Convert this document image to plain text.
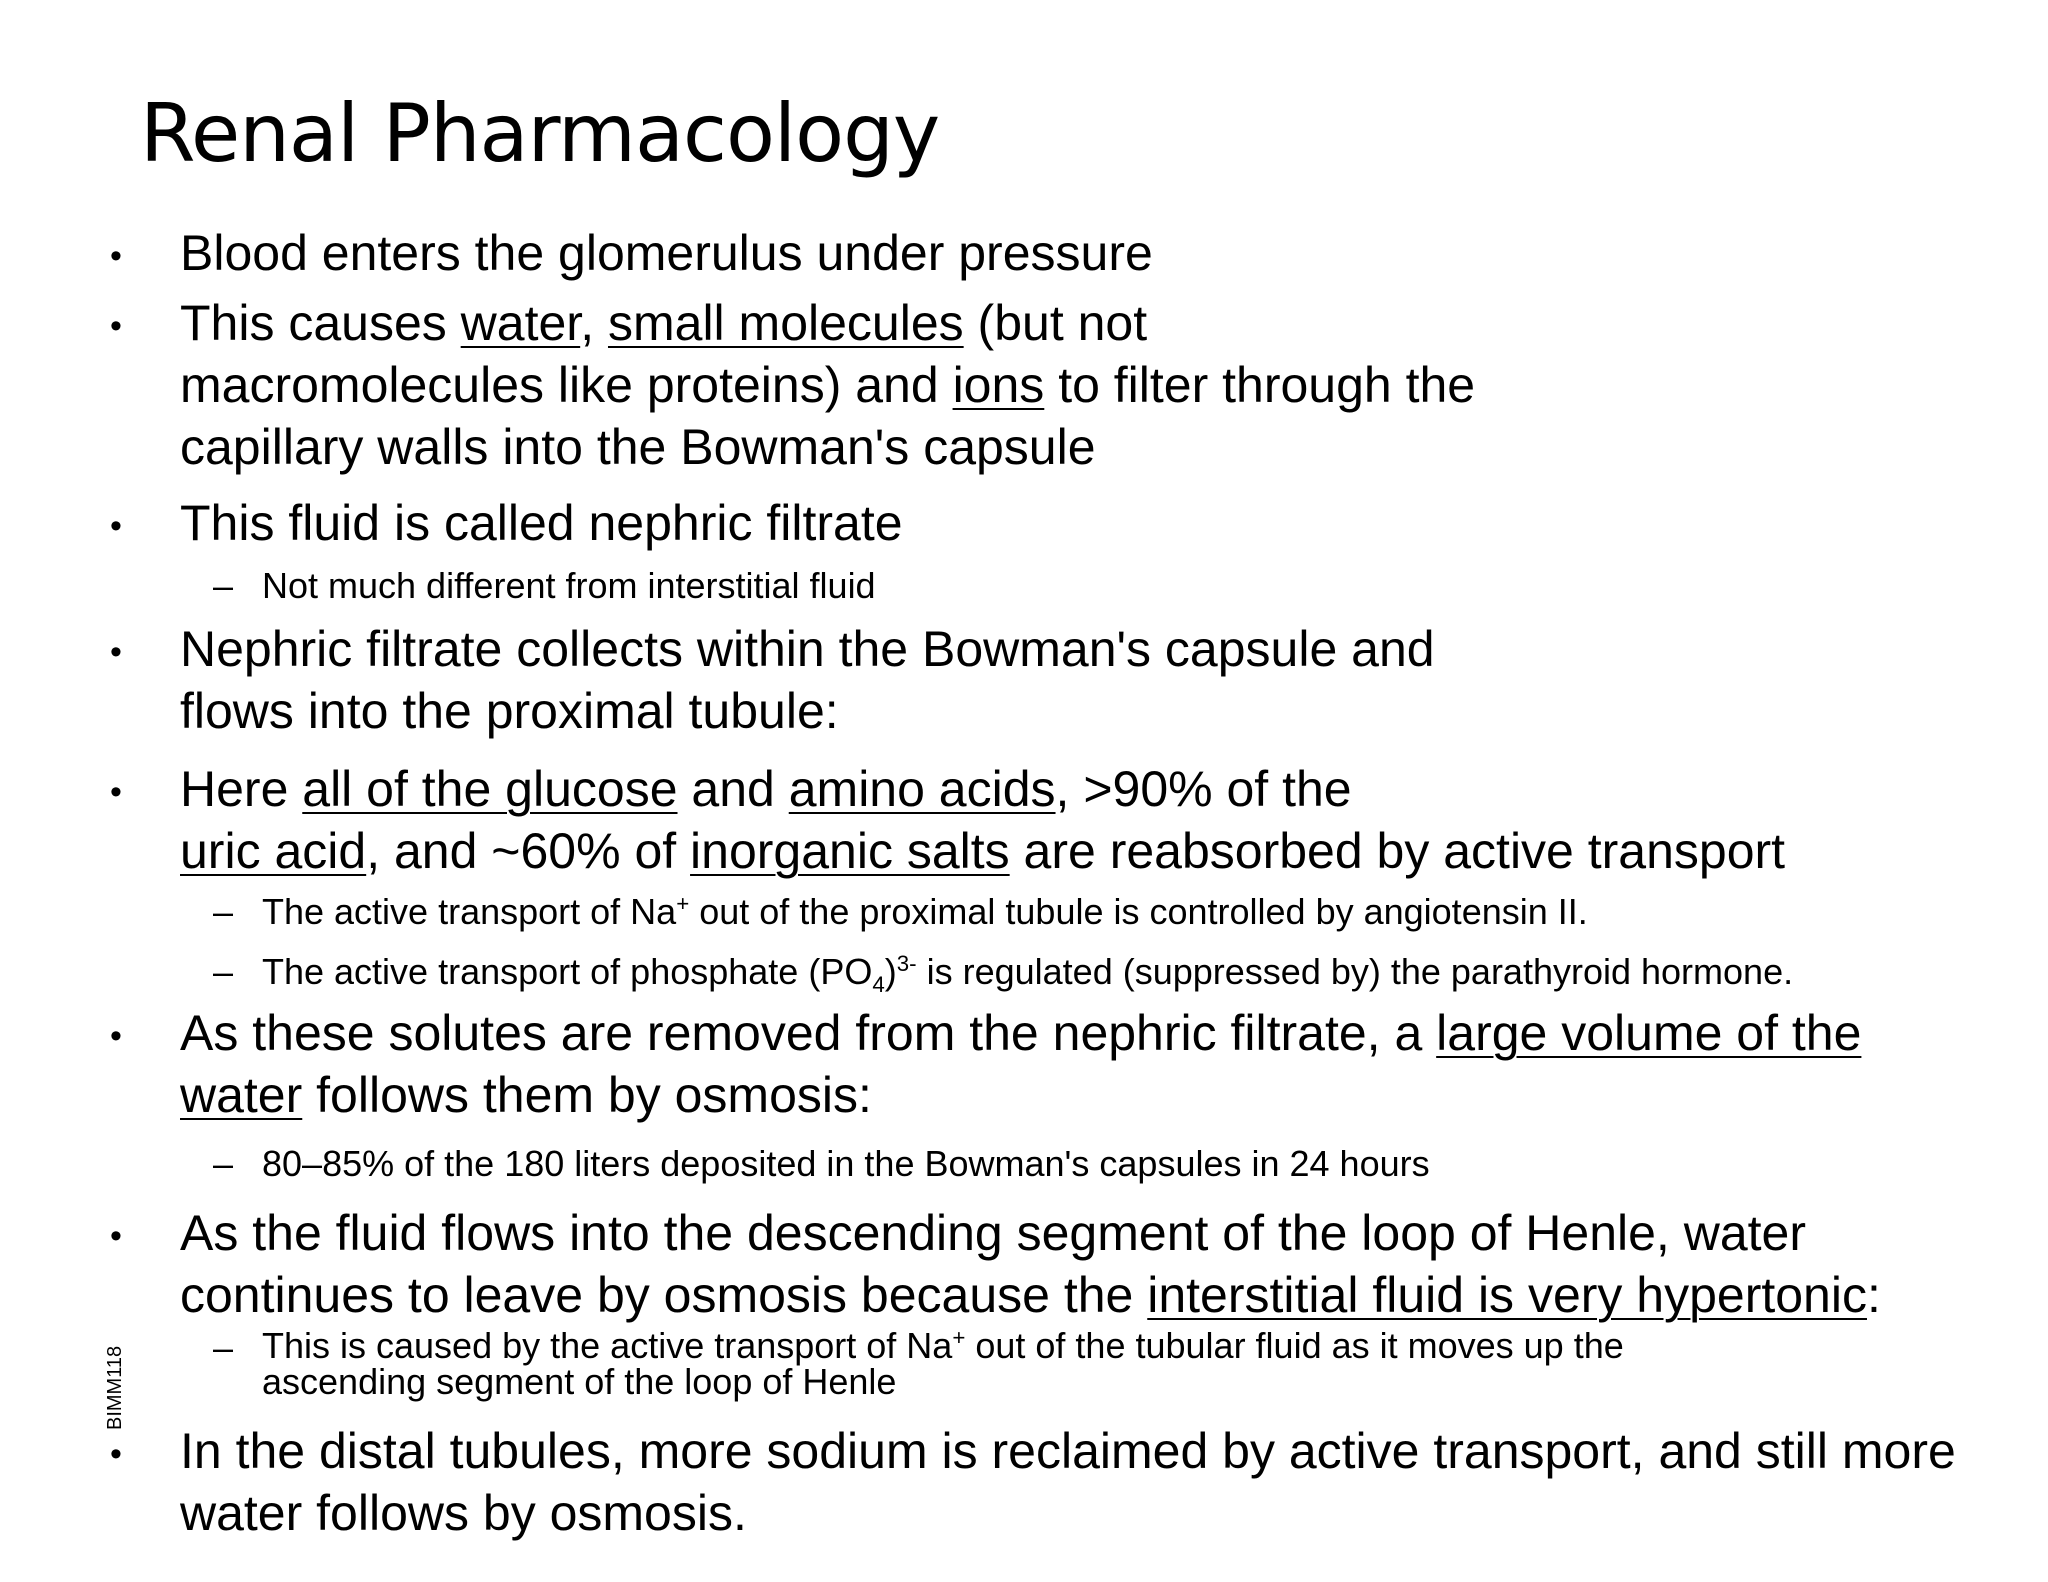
Renal Pharmacology
• Blood enters the glomerulus under pressure
• This causes water, small molecules (but not
macromolecules like proteins) and ions to filter through the
capillary walls into the Bowman's capsule
• This fluid is called nephric filtrate
– Not much different from interstitial fluid
• Nephric filtrate collects within the Bowman's capsule and
flows into the proximal tubule:
• Here all of the glucose and amino acids, >90% of the
uric acid, and ~60% of inorganic salts are reabsorbed by active transport
– The active transport of Na+ out of the proximal tubule is controlled by angiotensin II.
– The active transport of phosphate $(PO_4)^{3-}$ is regulated (suppressed by) the parathyroid hormone.
• As these solutes are removed from the nephric filtrate, a large volume of the
water follows them by osmosis:
– 80–85% of the 180 liters deposited in the Bowman's capsules in 24 hours
• As the fluid flows into the descending segment of the loop of Henle, water
continues to leave by osmosis because the interstitial fluid is very hypertonic:
– This is caused by the active transport of Na+ out of the tubular fluid as it moves up the
ascending segment of the loop of Henle
• In the distal tubules, more sodium is reclaimed by active transport, and still more
water follows by osmosis.
BIMM118
